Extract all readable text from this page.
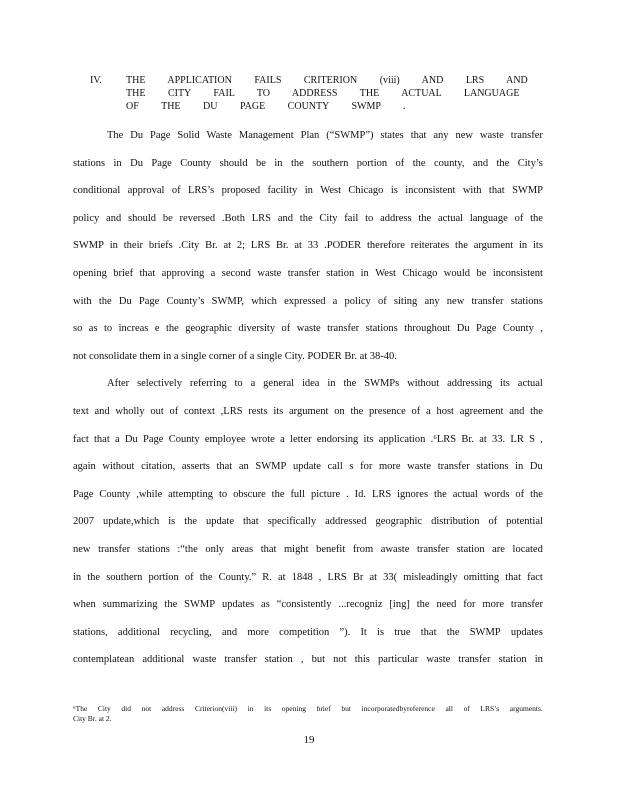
IV. THE APPLICATION FAILS CRITERION (viii) AND LRS AND THE CITY FAIL TO ADDRESS THE ACTUAL LANGUAGE OF THE DU PAGE COUNTY SWMP .
The Du Page Solid Waste Management Plan (“SWMP”) states that any new waste transfer
stations in Du Page County should be in the southern portion of the county, and the City’s
conditional approval of LRS’s proposed facility in West Chicago is inconsistent with that SWMP
policy and should be reversed .Both LRS and the City fail to address the actual language of the
SWMP in their briefs .City Br. at 2; LRS Br. at 33 .PODER therefore reiterates the argument in its
opening brief that approving a second waste transfer station in West Chicago would be inconsistent
with the Du Page County’s SWMP, which expressed a policy of siting any new transfer stations
so as to increas e the geographic diversity of waste transfer stations throughout Du Page County ,
not consolidate them in a single corner of a single City. PODER Br. at 38-40.
After selectively referring to a general idea in the SWMPs without addressing its actual
text and wholly out of context ,LRS rests its argument on the presence of a host agreement and the
fact that a Du Page County employee wrote a letter endorsing its application .⁶LRS Br. at 33. LR S ,
again without citation, asserts that an SWMP update call s for more waste transfer stations in Du
Page County ,while attempting to obscure the full picture . Id. LRS ignores the actual words of the
2007 update,which is the update that specifically addressed geographic distribution of potential
new transfer stations :“the only areas that might benefit from awaste transfer station are located
in the southern portion of the County.” R. at 1848 , LRS Br at 33( misleadingly omitting that fact
when summarizing the SWMP updates as “consistently ...recogniz [ing] the need for more transfer
stations, additional recycling, and more competition ”). It is true that the SWMP updates
contemplatean additional waste transfer station , but not this particular waste transfer station in
⁶The City did not address Criterion(viii) in its opening brief but incorporatedbyreference all of LRS’s arguments.
City Br. at 2.
19
